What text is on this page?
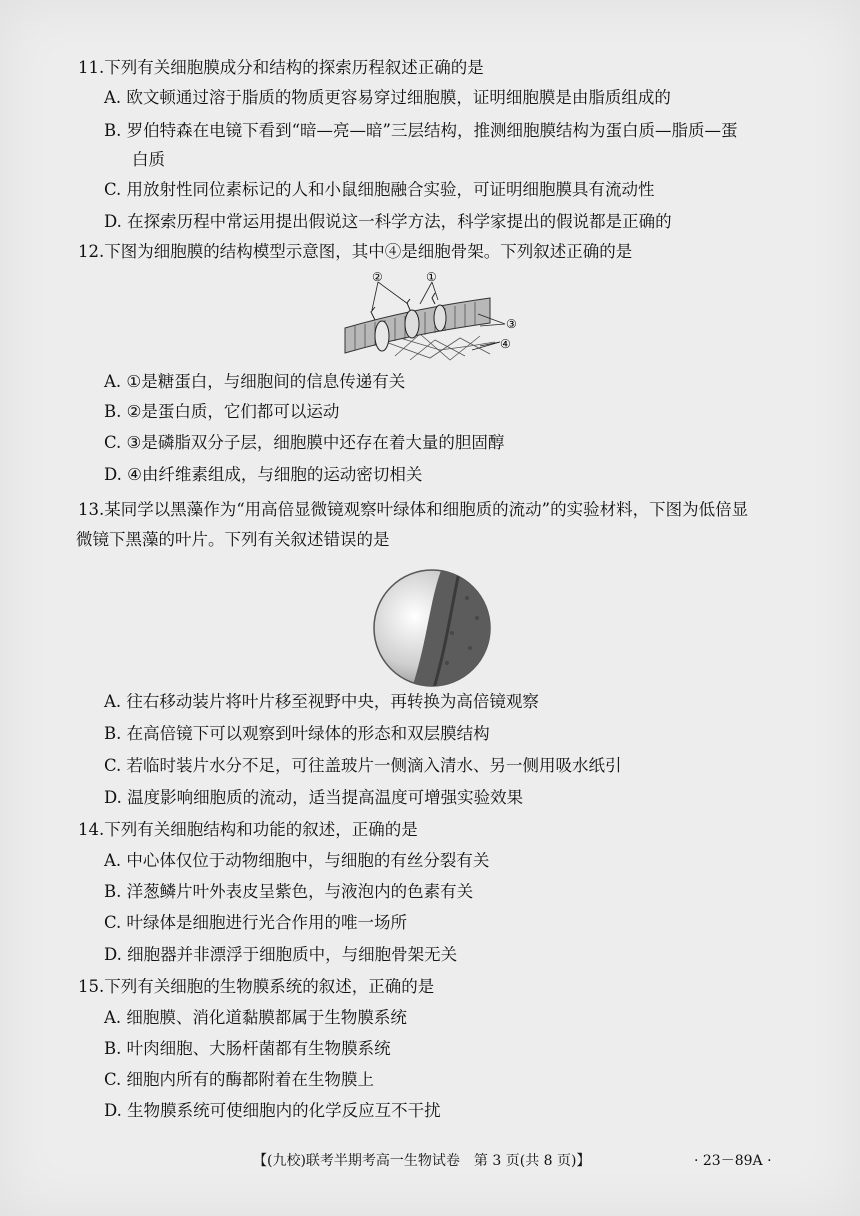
11.下列有关细胞膜成分和结构的探索历程叙述正确的是
A. 欧文顿通过溶于脂质的物质更容易穿过细胞膜，证明细胞膜是由脂质组成的
B. 罗伯特森在电镜下看到“暗—亮—暗”三层结构，推测细胞膜结构为蛋白质—脂质—蛋
白质
C. 用放射性同位素标记的人和小鼠细胞融合实验，可证明细胞膜具有流动性
D. 在探索历程中常运用提出假说这一科学方法，科学家提出的假说都是正确的
12.下图为细胞膜的结构模型示意图，其中④是细胞骨架。下列叙述正确的是
②	①
③
④
A. ①是糖蛋白，与细胞间的信息传递有关
B. ②是蛋白质，它们都可以运动
C. ③是磷脂双分子层，细胞膜中还存在着大量的胆固醇
D. ④由纤维素组成，与细胞的运动密切相关
13.某同学以黑藻作为“用高倍显微镜观察叶绿体和细胞质的流动”的实验材料，下图为低倍显
微镜下黑藻的叶片。下列有关叙述错误的是
A. 往右移动装片将叶片移至视野中央，再转换为高倍镜观察
B. 在高倍镜下可以观察到叶绿体的形态和双层膜结构
C. 若临时装片水分不足，可往盖玻片一侧滴入清水、另一侧用吸水纸引
D. 温度影响细胞质的流动，适当提高温度可增强实验效果
14.下列有关细胞结构和功能的叙述，正确的是
A. 中心体仅位于动物细胞中，与细胞的有丝分裂有关
B. 洋葱鳞片叶外表皮呈紫色，与液泡内的色素有关
C. 叶绿体是细胞进行光合作用的唯一场所
D. 细胞器并非漂浮于细胞质中，与细胞骨架无关
15.下列有关细胞的生物膜系统的叙述，正确的是
A. 细胞膜、消化道黏膜都属于生物膜系统
B. 叶肉细胞、大肠杆菌都有生物膜系统
C. 细胞内所有的酶都附着在生物膜上
D. 生物膜系统可使细胞内的化学反应互不干扰
【(九校)联考半期考高一生物试卷　第 3 页(共 8 页)】	· 23－89A ·
